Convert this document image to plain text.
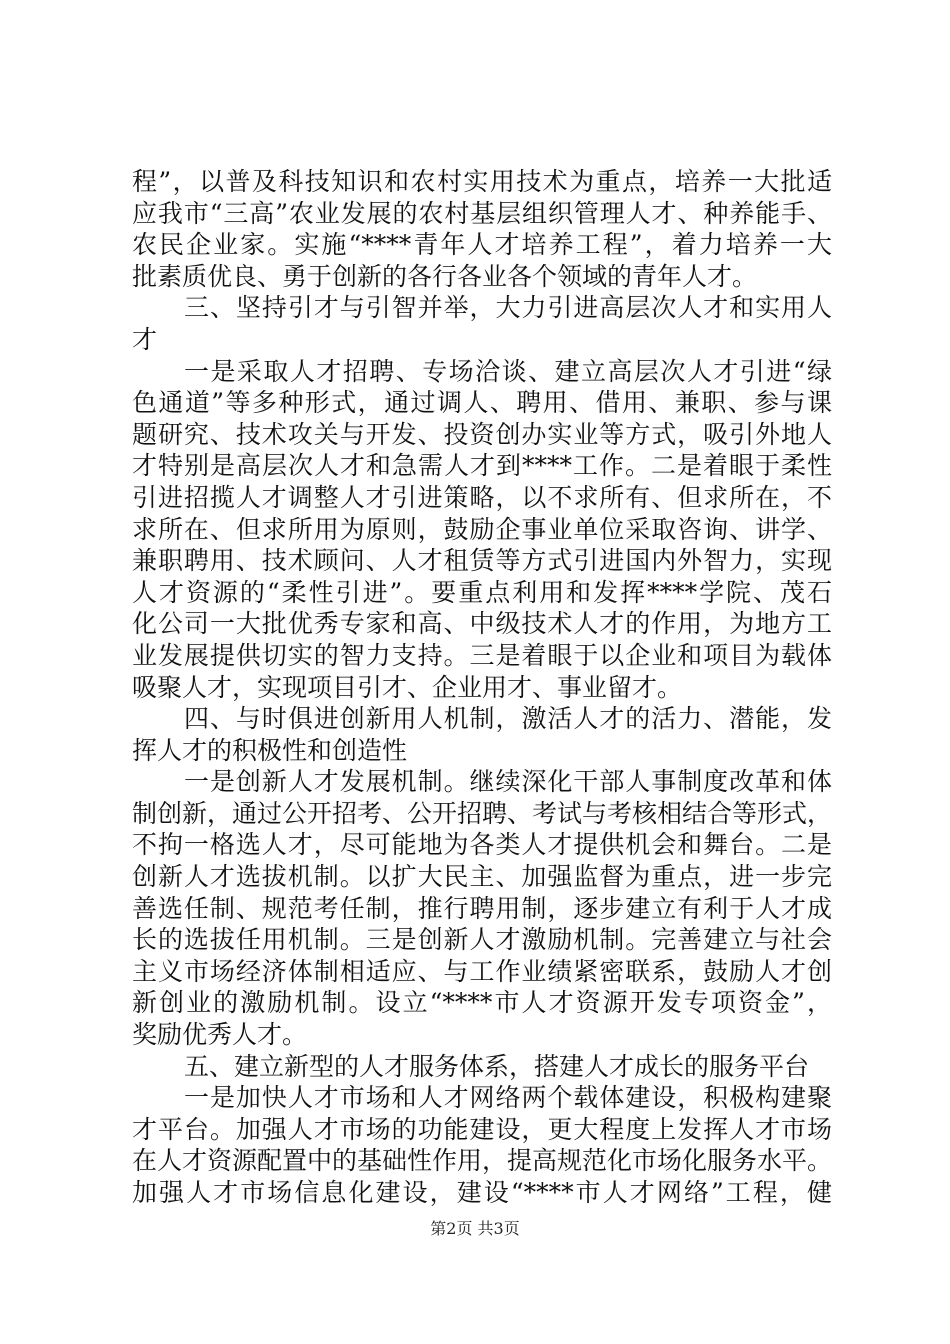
程”，以普及科技知识和农村实用技术为重点，培养一大批适
应我市“三高”农业发展的农村基层组织管理人才、种养能手、
农民企业家。实施“****青年人才培养工程”，着力培养一大
批素质优良、勇于创新的各行各业各个领域的青年人才。
三、坚持引才与引智并举，大力引进高层次人才和实用人
才
一是采取人才招聘、专场洽谈、建立高层次人才引进“绿
色通道”等多种形式，通过调人、聘用、借用、兼职、参与课
题研究、技术攻关与开发、投资创办实业等方式，吸引外地人
才特别是高层次人才和急需人才到****工作。二是着眼于柔性
引进招揽人才调整人才引进策略，以不求所有、但求所在，不
求所在、但求所用为原则，鼓励企事业单位采取咨询、讲学、
兼职聘用、技术顾问、人才租赁等方式引进国内外智力，实现
人才资源的“柔性引进”。要重点利用和发挥****学院、茂石
化公司一大批优秀专家和高、中级技术人才的作用，为地方工
业发展提供切实的智力支持。三是着眼于以企业和项目为载体
吸聚人才，实现项目引才、企业用才、事业留才。
四、与时俱进创新用人机制，激活人才的活力、潜能，发
挥人才的积极性和创造性
一是创新人才发展机制。继续深化干部人事制度改革和体
制创新，通过公开招考、公开招聘、考试与考核相结合等形式，
不拘一格选人才，尽可能地为各类人才提供机会和舞台。二是
创新人才选拔机制。以扩大民主、加强监督为重点，进一步完
善选任制、规范考任制，推行聘用制，逐步建立有利于人才成
长的选拔任用机制。三是创新人才激励机制。完善建立与社会
主义市场经济体制相适应、与工作业绩紧密联系，鼓励人才创
新创业的激励机制。设立“****市人才资源开发专项资金”，
奖励优秀人才。
五、建立新型的人才服务体系，搭建人才成长的服务平台
一是加快人才市场和人才网络两个载体建设，积极构建聚
才平台。加强人才市场的功能建设，更大程度上发挥人才市场
在人才资源配置中的基础性作用，提高规范化市场化服务水平。
加强人才市场信息化建设，建设“****市人才网络”工程，健
第2页 共3页
